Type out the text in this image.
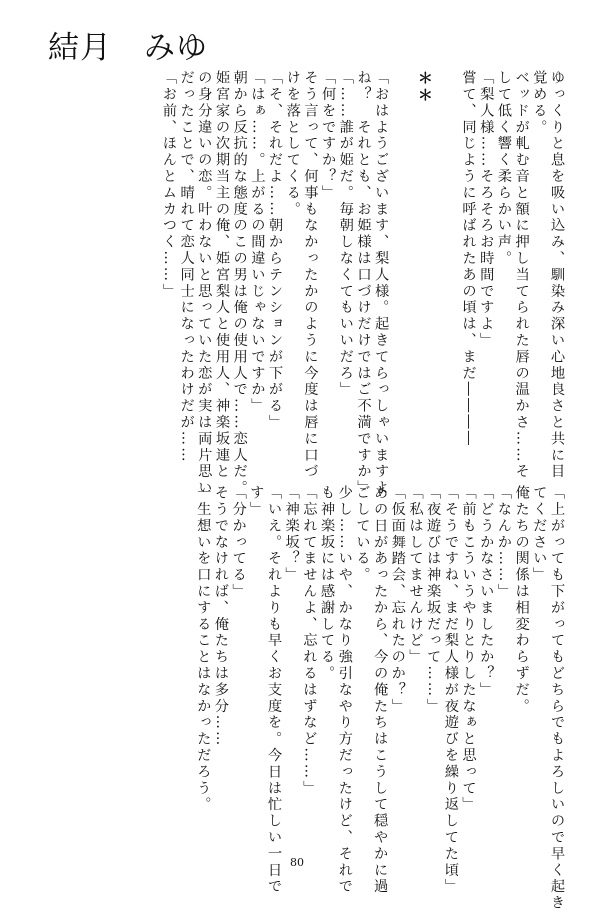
結月　みゆ
ゆっくりと息を吸い込み、馴染み深い心地良さと共に目
覚める。
ベッドが軋む音と額に押し当てられた唇の温かさ……そ
して低く響く柔らかい声。
「梨人様……そろそろお時間ですよ」
嘗て、同じように呼ばれたあの頃は、まだ――――
＊＊
「おはようございます、梨人様。起きてらっしゃいますよ
ね？　それとも、お姫様は口づけだけではご不満ですか」
「……誰が姫だ。毎朝しなくてもいいだろ」
「何をですか？」
そう言って、何事もなかったかのように今度は唇に口づ
けを落としてくる。
「そ、それだよ……朝からテンションが下がる」
「はぁ……。上がるの間違いじゃないですか」
朝から反抗的な態度のこの男は俺の使用人で……恋人だ。
姫宮家の次期当主の俺、姫宮梨人と使用人、神楽坂連と
の身分違いの恋。叶わないと思っていた恋が実は両片思い
だったことで、晴れて恋人同士になったわけだが……
「お前、ほんとムカつく……」
「上がっても下がってもどちらでもよろしいので早く起き
てください」
俺たちの関係は相変わらずだ。
「なんか……」
「どうかなさいましたか？」
「前もこういうやりとりしたなぁと思って」
「そうですね、まだ梨人様が夜遊びを繰り返してた頃」
「夜遊びは神楽坂だって……」
「私はしてませんけど」
「仮面舞踏会、忘れたのか？」
あの日があったから、今の俺たちはこうして穏やかに過
ごしている。
少し……いや、かなり強引なやり方だったけど、それで
も神楽坂には感謝してる。
「忘れてませんよ、忘れるはずなど……」
「神楽坂？」
「いえ。それよりも早くお支度を。今日は忙しい一日で
す」
「分かってる」
そうでなければ、俺たちは多分……
一生想いを口にすることはなかっただろう。
80
